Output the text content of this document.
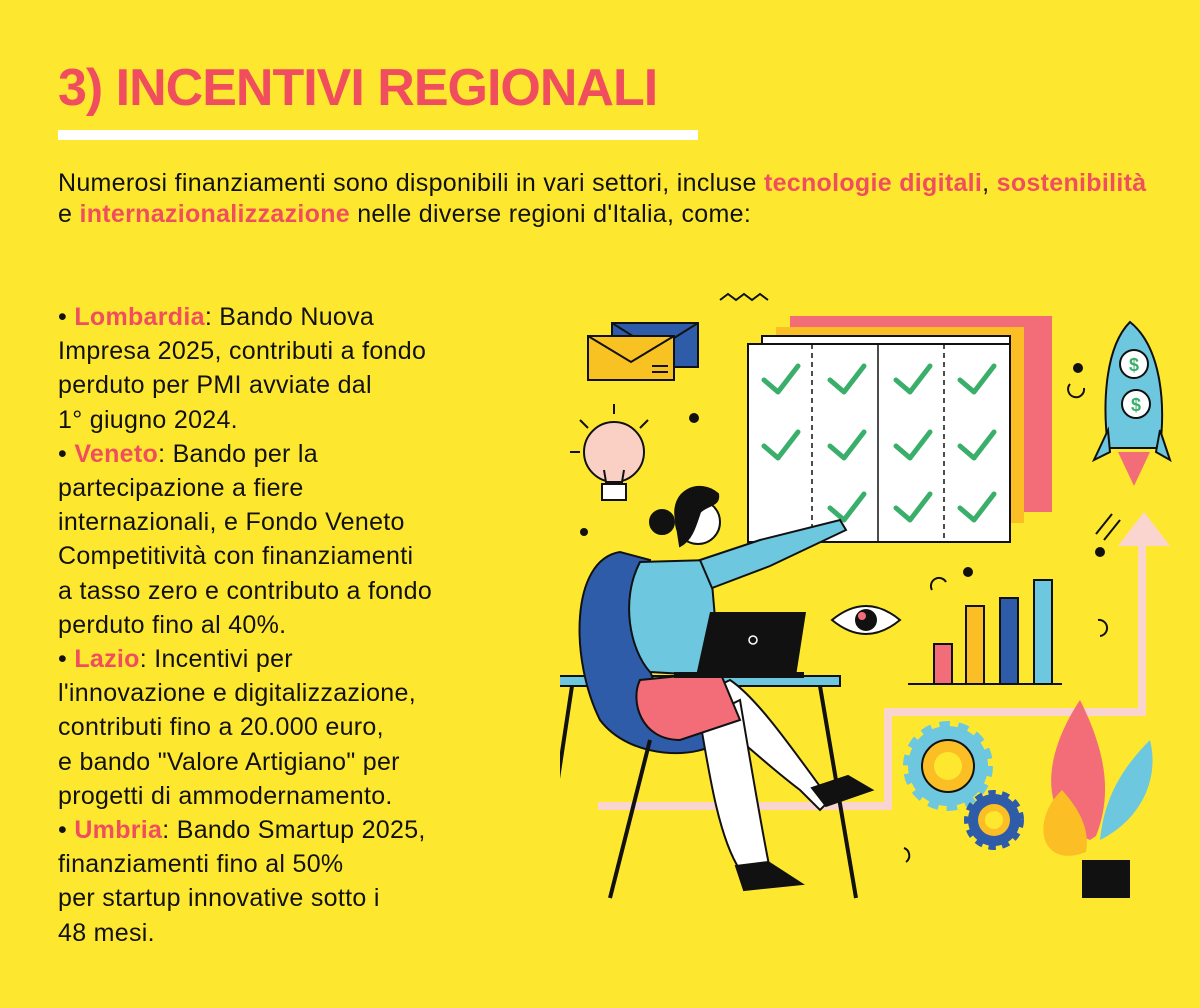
3) INCENTIVI REGIONALI

Numerosi finanziamenti sono disponibili in vari settori, incluse tecnologie digitali, sostenibilità e internazionalizzazione nelle diverse regioni d'Italia, come:

• Lombardia: Bando Nuova
Impresa 2025, contributi a fondo
perduto per PMI avviate dal
1° giugno 2024.
• Veneto: Bando per la
partecipazione a fiere
internazionali, e Fondo Veneto
Competitività con finanziamenti
a tasso zero e contributo a fondo
perduto fino al 40%.
• Lazio: Incentivi per
l'innovazione e digitalizzazione,
contributi fino a 20.000 euro,
e bando "Valore Artigiano" per
progetti di ammodernamento.
• Umbria: Bando Smartup 2025,
finanziamenti fino al 50%
per startup innovative sotto i
48 mesi.
$
$
